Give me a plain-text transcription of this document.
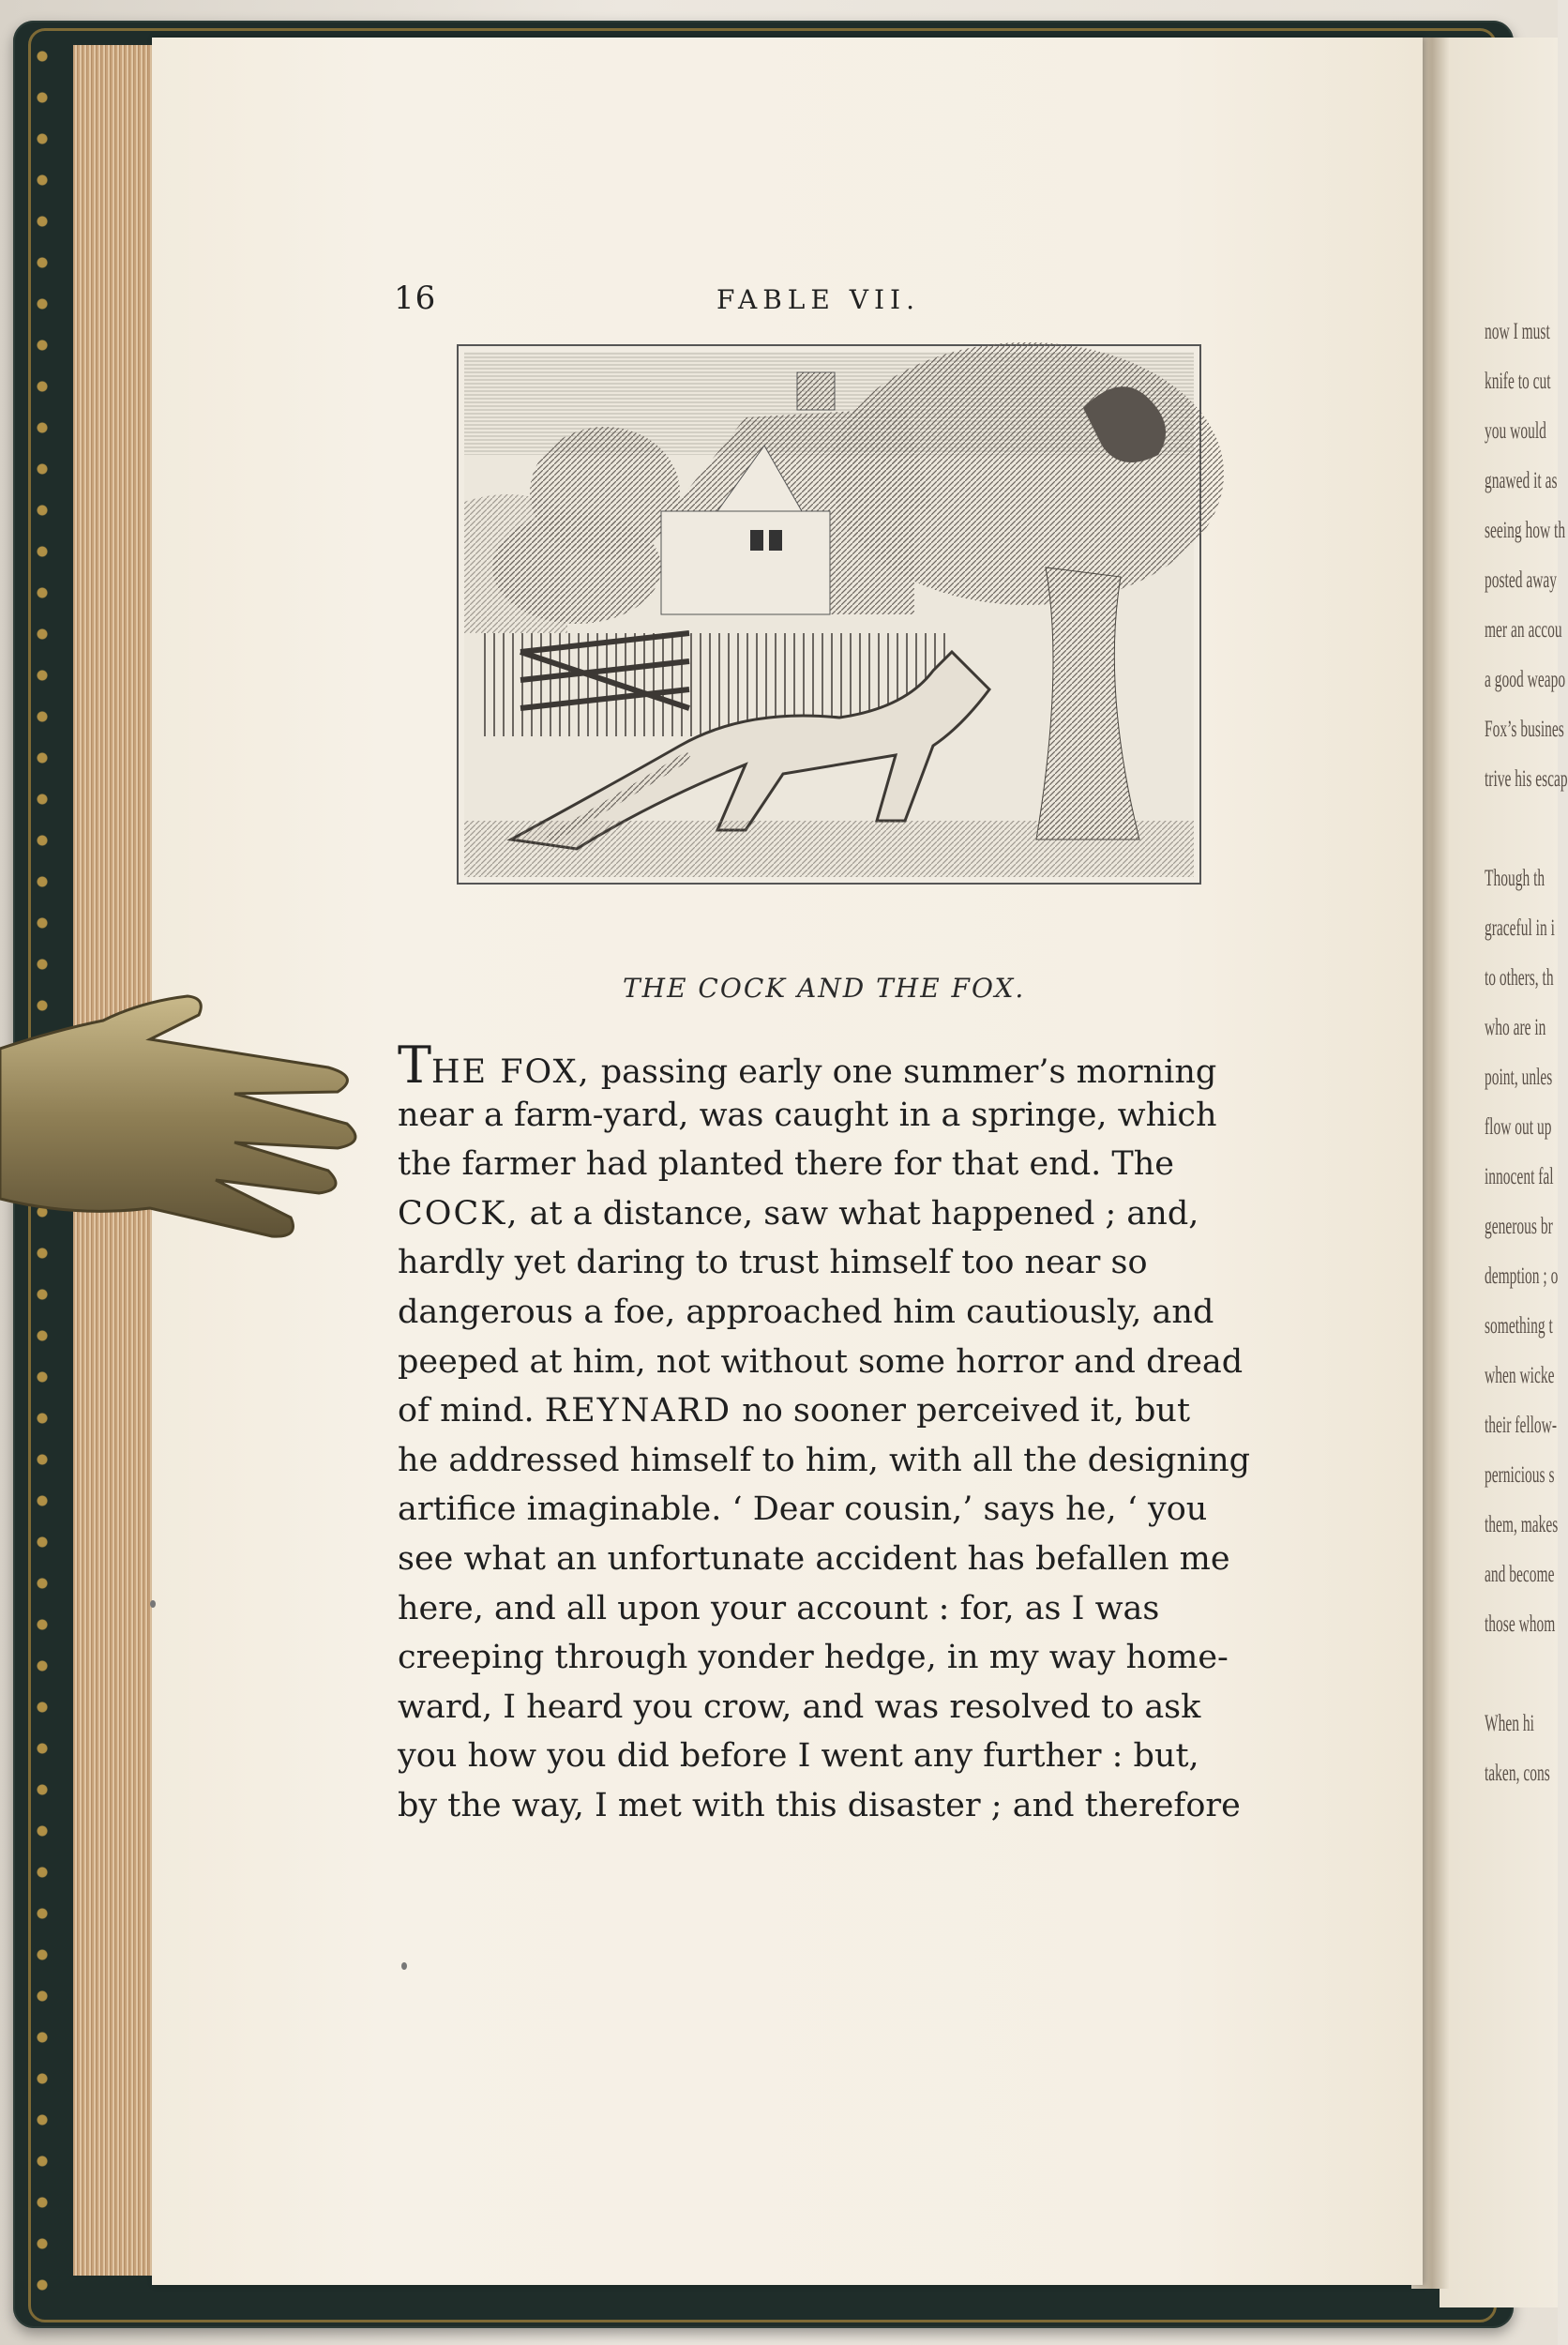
now I must
knife to cut
you would
gnawed it as
seeing how th
posted away
mer an accou
a good weapo
Fox’s busines
trive his escap
Though th
graceful in i
to others, th
who are in
point, unles
flow out up
innocent fal
generous br
demption ; o
something t
when wicke
their fellow-
pernicious s
them, makes
and become
those whom
When hi
taken, cons
16	FABLE VII.
THE COCK AND THE FOX.
THE FOX, passing early one summer’s morning
near a farm-yard, was caught in a springe, which
the farmer had planted there for that end. The
COCK, at a distance, saw what happened ; and,
hardly yet daring to trust himself too near so
dangerous a foe, approached him cautiously, and
peeped at him, not without some horror and dread
of mind. REYNARD no sooner perceived it, but
he addressed himself to him, with all the designing
artifice imaginable. ‘ Dear cousin,’ says he, ‘ you
see what an unfortunate accident has befallen me
here, and all upon your account : for, as I was
creeping through yonder hedge, in my way home-
ward, I heard you crow, and was resolved to ask
you how you did before I went any further : but,
by the way, I met with this disaster ; and therefore
